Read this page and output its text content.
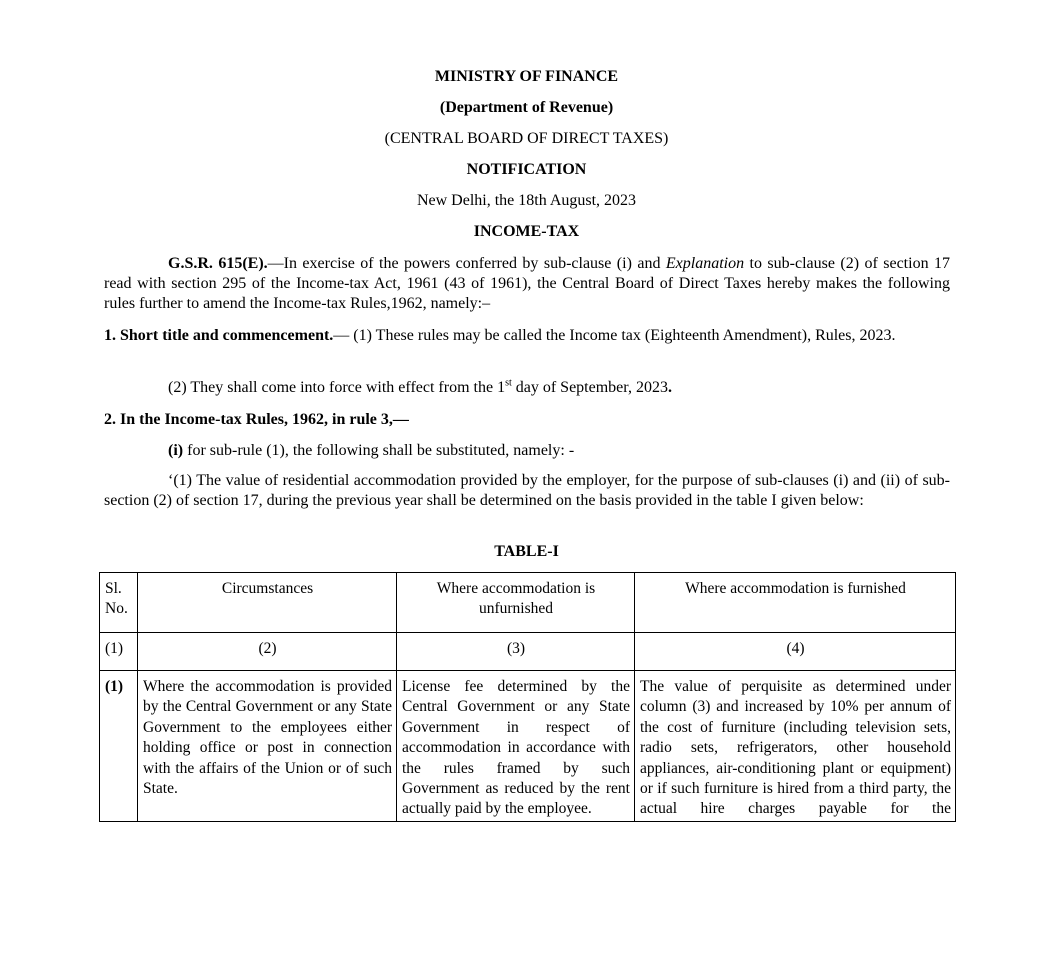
MINISTRY OF FINANCE
(Department of Revenue)
(CENTRAL BOARD OF DIRECT TAXES)
NOTIFICATION
New Delhi, the 18th August, 2023
INCOME-TAX
G.S.R. 615(E).—In exercise of the powers conferred by sub-clause (i) and Explanation to sub-clause (2) of section 17 read with section 295 of the Income-tax Act, 1961 (43 of 1961), the Central Board of Direct Taxes hereby makes the following rules further to amend the Income-tax Rules,1962, namely:–
1. Short title and commencement.— (1) These rules may be called the Income tax (Eighteenth Amendment), Rules, 2023.
(2) They shall come into force with effect from the 1st day of September, 2023.
2. In the Income-tax Rules, 1962, in rule 3,—
(i) for sub-rule (1), the following shall be substituted, namely: -
‘(1) The value of residential accommodation provided by the employer, for the purpose of sub-clauses (i) and (ii) of sub-section (2) of section 17, during the previous year shall be determined on the basis provided in the table I given below:
TABLE-I
Sl. No.	Circumstances	Where accommodation is unfurnished	Where accommodation is furnished
(1)	(2)	(3)	(4)
(1)	Where the accommodation is provided by the Central Government or any State Government to the employees either holding office or post in connection with the affairs of the Union or of such State.	License fee determined by the Central Government or any State Government in respect of accommodation in accordance with the rules framed by such Government as reduced by the rent actually paid by the employee.	The value of perquisite as determined under column (3) and increased by 10% per annum of the cost of furniture (including television sets, radio sets, refrigerators, other household appliances, air-conditioning plant or equipment) or if such furniture is hired from a third party, the actual hire charges payable for the
